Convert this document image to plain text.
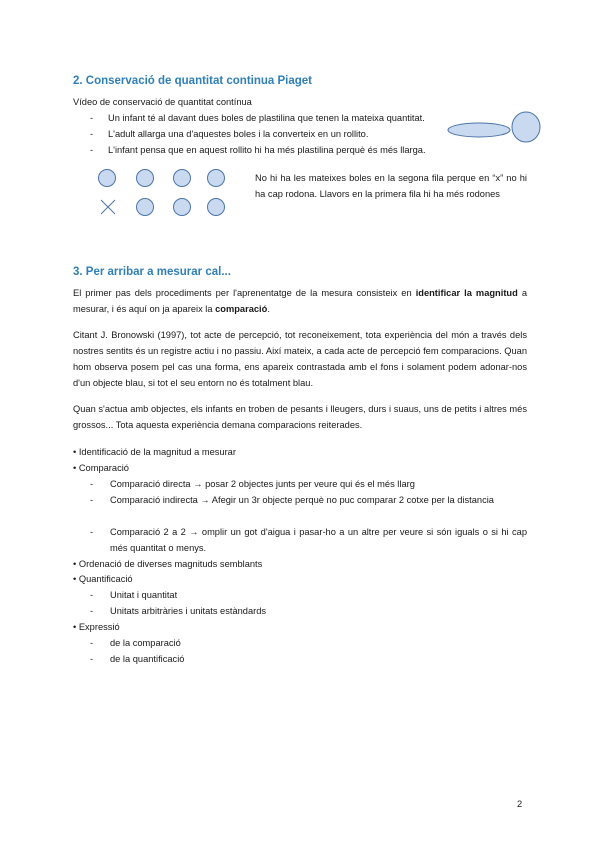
2. Conservació de quantitat continua Piaget
Vídeo de conservació de quantitat contínua
- Un infant té al davant dues boles de plastilina que tenen la mateixa quantitat.
- L'adult allarga una d'aquestes boles i la converteix en un rollito.
- L'infant pensa que en aquest rollito hi ha més plastilina perquè és més llarga.
No hi ha les mateixes boles en la segona fila perque en “x” no hi ha cap rodona. Llavors en la primera fila hi ha més rodones
3. Per arribar a mesurar cal...
El primer pas dels procediments per l'aprenentatge de la mesura consisteix en identificar la magnitud a mesurar, i és aquí on ja apareix la comparació.
Citant J. Bronowski (1997), tot acte de percepció, tot reconeixement, tota experiència del món a través dels nostres sentits és un registre actiu i no passiu. Així mateix, a cada acte de percepció fem comparacions. Quan hom observa posem pel cas una forma, ens apareix contrastada amb el fons i solament podem adonar-nos d'un objecte blau, si tot el seu entorn no és totalment blau.
Quan s'actua amb objectes, els infants en troben de pesants i lleugers, durs i suaus, uns de petits i altres més grossos... Tota aquesta experiència demana comparacions reiterades.
• Identificació de la magnitud a mesurar
• Comparació
- Comparació directa → posar 2 objectes junts per veure qui és el més llarg
- Comparació indirecta → Afegir un 3r objecte perquè no puc comparar 2 cotxe per la distancia
- Comparació 2 a 2 → omplir un got d'aigua i pasar-ho a un altre per veure si són iguals o si hi cap més quantitat o menys.
• Ordenació de diverses magnituds semblants
• Quantificació
- Unitat i quantitat
- Unitats arbitràries i unitats estàndards
• Expressió
- de la comparació
- de la quantificació
2
